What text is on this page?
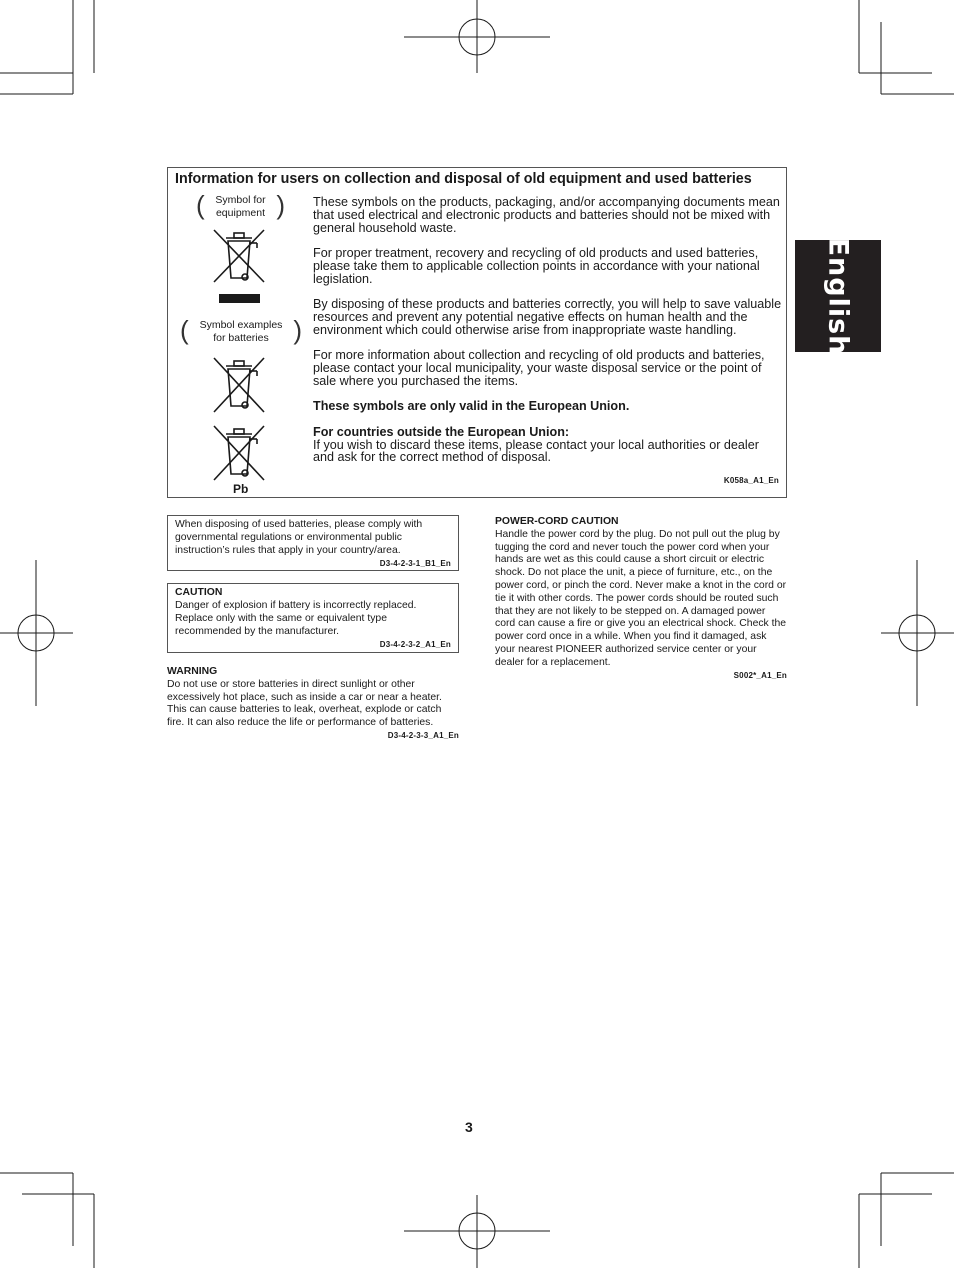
English
Information for users on collection and disposal of old equipment and used batteries
(	Symbol for
equipment )
(	Symbol examples
for batteries )
Pb

These symbols on the products, packaging, and/or accompanying documents mean that used electrical and electronic products and batteries should not be mixed with general household waste.

For proper treatment, recovery and recycling of old products and used batteries, please take them to applicable collection points in accordance with your national legislation.

By disposing of these products and batteries correctly, you will help to save valuable resources and prevent any potential negative effects on human health and the environment which could otherwise arise from inappropriate waste handling.

For more information about collection and recycling of old products and batteries, please contact your local municipality, your waste disposal service or the point of sale where you purchased the items.

These symbols are only valid in the European Union.

For countries outside the European Union:
If you wish to discard these items, please contact your local authorities or dealer and ask for the correct method of disposal.
K058a_A1_En
When disposing of used batteries, please comply with governmental regulations or environmental public instruction’s rules that apply in your country/area.
D3-4-2-3-1_B1_En
CAUTION
Danger of explosion if battery is incorrectly replaced. Replace only with the same or equivalent type recommended by the manufacturer.
D3-4-2-3-2_A1_En
WARNING
Do not use or store batteries in direct sunlight or other excessively hot place, such as inside a car or near a heater. This can cause batteries to leak, overheat, explode or catch fire. It can also reduce the life or performance of batteries.
D3-4-2-3-3_A1_En
POWER-CORD CAUTION
Handle the power cord by the plug. Do not pull out the plug by tugging the cord and never touch the power cord when your hands are wet as this could cause a short circuit or electric shock. Do not place the unit, a piece of furniture, etc., on the power cord, or pinch the cord. Never make a knot in the cord or tie it with other cords. The power cords should be routed such that they are not likely to be stepped on. A damaged power cord can cause a fire or give you an electrical shock. Check the power cord once in a while. When you find it damaged, ask your nearest PIONEER authorized service center or your dealer for a replacement.
S002*_A1_En
3
